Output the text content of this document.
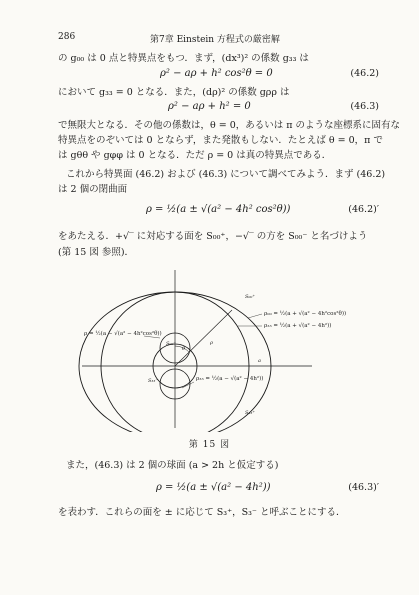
286	第7章 Einstein 方程式の厳密解
の g₀₀ は 0 点と特異点をもつ．まず，(dx³)² の係数 g₃₃ は
ρ² − aρ + h² cos²θ = 0	(46.2)
において g₃₃ = 0 となる．また，(dρ)² の係数 gρρ は
ρ² − aρ + h² = 0	(46.3)
で無限大となる．その他の係数は，θ = 0，あるいは π のような座標系に固有な
特異点をのぞいては 0 とならず，また発散もしない．たとえば θ = 0，π で
は gθθ や gφφ は 0 となる．ただ ρ = 0 は真の特異点である．
これから特異面 (46.2) および (46.3) について調べてみよう．まず (46.2)
は 2 個の閉曲面
ρ = ½(a ± √(a² − 4h² cos²θ))	(46.2)′
をあたえる．+√‾ に対応する面を S₀₀⁺，−√‾ の方を S₀₀⁻ と名づけよう
(第 15 図 参照)．
θ
ρ
a
ρ₀₀ = ½(a + √(a² − 4h²cos²θ))
ρ₃₃ = ½(a + √(a² − 4h²))
ρ = ½(a − √(a² − 4h²cos²θ))
ρ₃₃ = ½(a − √(a² − 4h²))
S₀₀⁺
S₀₀⁻
S₃₃⁺
S₃₃⁻
第 15 図
また，(46.3) は 2 個の球面 (a > 2h と仮定する)
ρ = ½(a ± √(a² − 4h²))	(46.3)′
を表わす．これらの面を ± に応じて S₃⁺，S₃⁻ と呼ぶことにする．
